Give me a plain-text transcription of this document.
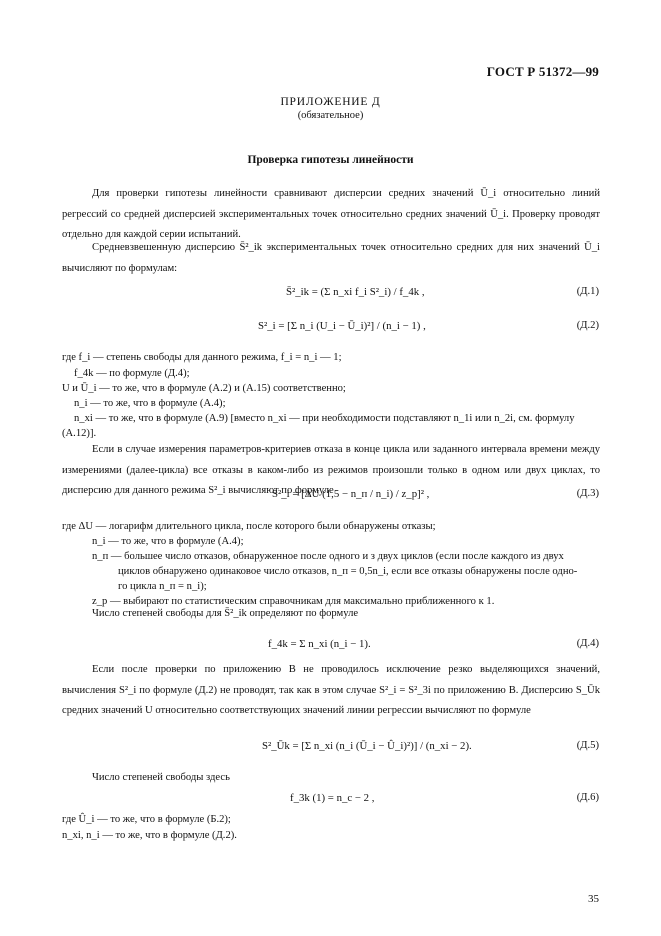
ГОСТ Р 51372—99
ПРИЛОЖЕНИЕ Д
(обязательное)
Проверка гипотезы линейности
Для проверки гипотезы линейности сравнивают дисперсии средних значений Ū_i относительно линий регрессий со средней дисперсией экспериментальных точек относительно средних значений Ū_i. Проверку проводят отдельно для каждой серии испытаний.
Средневзвешенную дисперсию S̄²_ik экспериментальных точек относительно средних для них значений Ū_i вычисляют по формулам:
S̄²_ik = (Σ n_xi f_i S²_i) / f_4k ,	(Д.1)
S²_i = [Σ n_i (U_i − Ū_i)²] / (n_i − 1) ,	(Д.2)
где f_i — степень свободы для данного режима, f_i = n_i — 1;
f_4k — по формуле (Д.4);
U и Ū_i — то же, что в формуле (А.2) и (А.15) соответственно;
n_i — то же, что в формуле (А.4);
n_xi — то же, что в формуле (А.9) [вместо n_xi — при необходимости подставляют n_1i или n_2i, см. формулу
(А.12)].
Если в случае измерения параметров-критериев отказа в конце цикла или заданного интервала времени между измерениями (далее-цикла) все отказы в каком-либо из режимов произошли только в одном или двух циклах, то дисперсию для данного режима S²_i вычисляют по формуле
S²_i = [ΔU (1,5 − n_п / n_i) / z_p]² ,	(Д.3)
где ΔU — логарифм длительного цикла, после которого были обнаружены отказы;
n_i — то же, что в формуле (А.4);
n_п — большее число отказов, обнаруженное после одного и з двух циклов (если после каждого из двух
циклов обнаружено одинаковое число отказов, n_п = 0,5n_i, если все отказы обнаружены после одно-
го цикла n_п = n_i);
z_p — выбирают по статистическим справочникам для максимально приближенного к 1.
Число степеней свободы для S̄²_ik определяют по формуле
f_4k = Σ n_xi (n_i − 1).	(Д.4)
Если после проверки по приложению В не проводилось исключение резко выделяющихся значений, вычисления S²_i по формуле (Д.2) не проводят, так как в этом случае S²_i = S²_3i по приложению В. Дисперсию S_Ūk средних значений U относительно соответствующих значений линии регрессии вычисляют по формуле
S²_Ūk = [Σ n_xi (n_i (Ū_i − Û_i)²)] / (n_xi − 2).	(Д.5)
Число степеней свободы здесь
f_3k (1) = n_c − 2 ,	(Д.6)
где Û_i — то же, что в формуле (Б.2);
n_xi, n_i — то же, что в формуле (Д.2).
35
